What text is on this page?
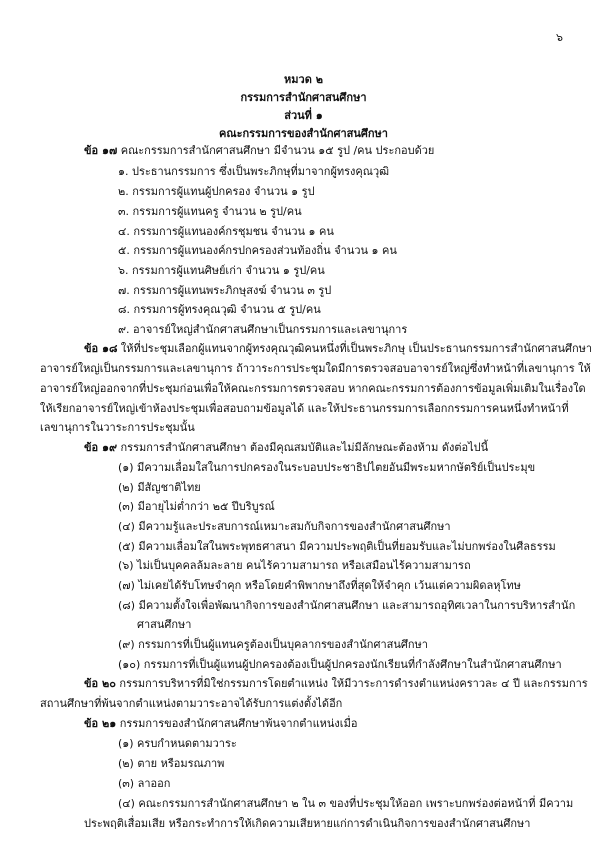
๖
หมวด ๒
กรรมการสำนักศาสนศึกษา
ส่วนที่ ๑
คณะกรรมการของสำนักศาสนศึกษา
ข้อ ๑๗ คณะกรรมการสำนักศาสนศึกษา มีจำนวน ๑๕ รูป /คน ประกอบด้วย
๑. ประธานกรรมการ ซึ่งเป็นพระภิกษุที่มาจากผู้ทรงคุณวุฒิ
๒. กรรมการผู้แทนผู้ปกครอง จำนวน ๑ รูป
๓. กรรมการผู้แทนครู จำนวน ๒ รูป/คน
๔. กรรมการผู้แทนองค์กรชุมชน จำนวน ๑ คน
๕. กรรมการผู้แทนองค์กรปกครองส่วนท้องถิ่น จำนวน ๑ คน
๖. กรรมการผู้แทนศิษย์เก่า จำนวน ๑ รูป/คน
๗. กรรมการผู้แทนพระภิกษุสงฆ์ จำนวน ๓ รูป
๘. กรรมการผู้ทรงคุณวุฒิ จำนวน ๕ รูป/คน
๙. อาจารย์ใหญ่สำนักศาสนศึกษาเป็นกรรมการและเลขานุการ
ข้อ ๑๘ ให้ที่ประชุมเลือกผู้แทนจากผู้ทรงคุณวุฒิคนหนึ่งที่เป็นพระภิกษุ เป็นประธานกรรมการสำนักศาสนศึกษา
อาจารย์ใหญ่เป็นกรรมการและเลขานุการ ถ้าวาระการประชุมใดมีการตรวจสอบอาจารย์ใหญ่ซึ่งทำหน้าที่เลขานุการ ให้
อาจารย์ใหญ่ออกจากที่ประชุมก่อนเพื่อให้คณะกรรมการตรวจสอบ หากคณะกรรมการต้องการข้อมูลเพิ่มเติมในเรื่องใด
ให้เรียกอาจารย์ใหญ่เข้าห้องประชุมเพื่อสอบถามข้อมูลได้ และให้ประธานกรรมการเลือกกรรมการคนหนึ่งทำหน้าที่
เลขานุการในวาระการประชุมนั้น
ข้อ ๑๙ กรรมการสำนักศาสนศึกษา ต้องมีคุณสมบัติและไม่มีลักษณะต้องห้าม ดังต่อไปนี้
(๑) มีความเลื่อมใสในการปกครองในระบอบประชาธิปไตยอันมีพระมหากษัตริย์เป็นประมุข
(๒) มีสัญชาติไทย
(๓) มีอายุไม่ต่ำกว่า ๒๕ ปีบริบูรณ์
(๔) มีความรู้และประสบการณ์เหมาะสมกับกิจการของสำนักศาสนศึกษา
(๕) มีความเลื่อมใสในพระพุทธศาสนา มีความประพฤติเป็นที่ยอมรับและไม่บกพร่องในศีลธรรม
(๖) ไม่เป็นบุคคลล้มละลาย คนไร้ความสามารถ หรือเสมือนไร้ความสามารถ
(๗) ไม่เคยได้รับโทษจำคุก หรือโดยคำพิพากษาถึงที่สุดให้จำคุก เว้นแต่ความผิดลหุโทษ
(๘) มีความตั้งใจเพื่อพัฒนากิจการของสำนักศาสนศึกษา และสามารถอุทิศเวลาในการบริหารสำนัก
ศาสนศึกษา
(๙) กรรมการที่เป็นผู้แทนครูต้องเป็นบุคลากรของสำนักศาสนศึกษา
(๑๐) กรรมการที่เป็นผู้แทนผู้ปกครองต้องเป็นผู้ปกครองนักเรียนที่กำลังศึกษาในสำนักศาสนศึกษา
ข้อ ๒๐ กรรมการบริหารที่มิใช่กรรมการโดยตำแหน่ง ให้มีวาระการดำรงตำแหน่งคราวละ ๔ ปี และกรรมการ
สถานศึกษาที่พ้นจากตำแหน่งตามวาระอาจได้รับการแต่งตั้งได้อีก
ข้อ ๒๑ กรรมการของสำนักศาสนศึกษาพ้นจากตำแหน่งเมื่อ
(๑) ครบกำหนดตามวาระ
(๒) ตาย หรือมรณภาพ
(๓) ลาออก
(๔) คณะกรรมการสำนักศาสนศึกษา ๒ ใน ๓ ของที่ประชุมให้ออก เพราะบกพร่องต่อหน้าที่ มีความ
ประพฤติเสื่อมเสีย หรือกระทำการให้เกิดความเสียหายแก่การดำเนินกิจการของสำนักศาสนศึกษา
